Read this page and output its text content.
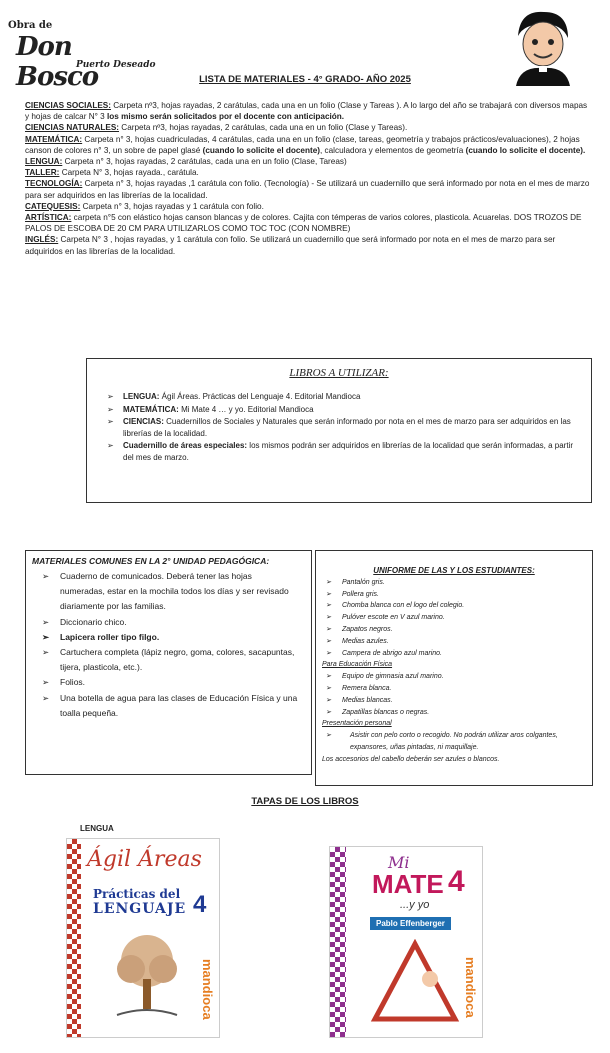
Obra de
Don Bosco
Puerto Deseado
LISTA DE MATERIALES - 4° GRADO- AÑO 2025

CIENCIAS SOCIALES: Carpeta nº3, hojas rayadas, 2 carátulas, cada una en un folio (Clase y Tareas ). A lo largo del año se trabajará con diversos mapas y hojas de calcar N° 3 los mismo serán solicitados por el docente con anticipación.

CIENCIAS NATURALES: Carpeta nº3, hojas rayadas, 2 carátulas, cada una en un folio (Clase y Tareas).

MATEMÁTICA: Carpeta n° 3, hojas cuadriculadas, 4 carátulas, cada una en un folio (clase, tareas, geometría y trabajos prácticos/evaluaciones), 2 hojas canson de colores n° 3, un sobre de papel glasé (cuando lo solicite el docente), calculadora y elementos de geometría (cuando lo solicite el docente).

LENGUA: Carpeta n° 3, hojas rayadas, 2 carátulas, cada una en un folio (Clase, Tareas)

TALLER: Carpeta N° 3, hojas rayada., carátula.

TECNOLOGÍA: Carpeta n° 3, hojas rayadas ,1 carátula con folio. (Tecnología) - Se utilizará un cuadernillo que será informado por nota en el mes de marzo para ser adquiridos en las librerías de la localidad.

CATEQUESIS: Carpeta n° 3, hojas rayadas y 1 carátula con folio.

ARTÍSTICA: carpeta n°5 con elástico hojas canson blancas y de colores. Cajita con témperas de varios colores, plasticola. Acuarelas. DOS TROZOS DE PALOS DE ESCOBA DE 20 CM PARA UTILIZARLOS COMO TOC TOC (CON NOMBRE)

INGLÉS: Carpeta N° 3 , hojas rayadas, y 1 carátula con folio. Se utilizará un cuadernillo que será informado por nota en el mes de marzo para ser adquiridos en las librerías de la localidad.

LIBROS A UTILIZAR:
➢ LENGUA: Ágil Áreas. Prácticas del Lenguaje 4. Editorial Mandioca
➢ MATEMÁTICA: Mi Mate 4 … y yo. Editorial Mandioca
➢ CIENCIAS: Cuadernillos de Sociales y Naturales que serán informado por nota en el mes de marzo para ser adquiridos en las librerías de la localidad.
➢ Cuadernillo de áreas especiales: los mismos podrán ser adquiridos en librerías de la localidad que serán informadas, a partir del mes de marzo.
MATERIALES COMUNES EN LA 2° UNIDAD PEDAGÓGICA:
➢ Cuaderno de comunicados. Deberá tener las hojas numeradas, estar en la mochila todos los días y ser revisado diariamente por las familias.
➢ Diccionario chico.
➢ Lapicera roller tipo filgo.
➢ Cartuchera completa (lápiz negro, goma, colores, sacapuntas, tijera, plasticola, etc.).
➢ Folios.
➢ Una botella de agua para las clases de Educación Física y una toalla pequeña.
UNIFORME DE LAS Y LOS ESTUDIANTES:
➢ Pantalón gris.
➢ Pollera gris.
➢ Chomba blanca con el logo del colegio.
➢ Pulóver escote en V azul marino.
➢ Zapatos negros.
➢ Medias azules.
➢ Campera de abrigo azul marino.
Para Educación Física
➢ Equipo de gimnasia azul marino.
➢ Remera blanca.
➢ Medias blancas.
➢ Zapatillas blancas o negras.
Presentación personal
➢ Asistir con pelo corto o recogido. No podrán utilizar aros colgantes, expansores, uñas pintadas, ni maquillaje.
Los accesorios del cabello deberán ser azules o blancos.
TAPAS DE LOS LIBROS
LENGUA
Ágil Áreas
Prácticas del
LENGUAJE 4
mandioca
Mi
MATE 4
...y yo
Pablo Effenberger
mandioca
